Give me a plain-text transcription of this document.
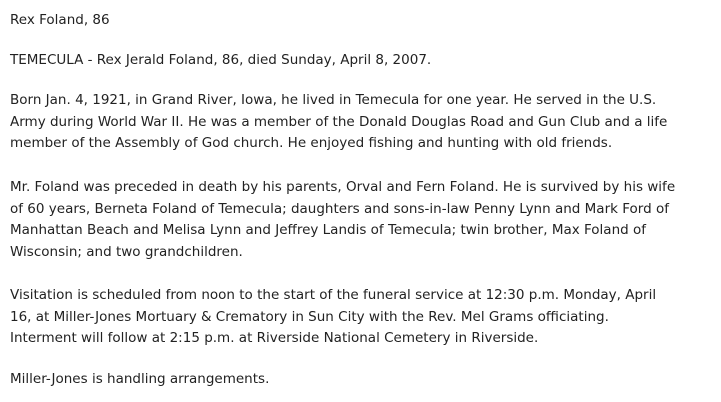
Rex Foland, 86

TEMECULA - Rex Jerald Foland, 86, died Sunday, April 8, 2007.

Born Jan. 4, 1921, in Grand River, Iowa, he lived in Temecula for one year. He served in the U.S.
Army during World War II. He was a member of the Donald Douglas Road and Gun Club and a life
member of the Assembly of God church. He enjoyed fishing and hunting with old friends.

Mr. Foland was preceded in death by his parents, Orval and Fern Foland. He is survived by his wife
of 60 years, Berneta Foland of Temecula; daughters and sons-in-law Penny Lynn and Mark Ford of
Manhattan Beach and Melisa Lynn and Jeffrey Landis of Temecula; twin brother, Max Foland of
Wisconsin; and two grandchildren.

Visitation is scheduled from noon to the start of the funeral service at 12:30 p.m. Monday, April
16, at Miller-Jones Mortuary & Crematory in Sun City with the Rev. Mel Grams officiating.
Interment will follow at 2:15 p.m. at Riverside National Cemetery in Riverside.

Miller-Jones is handling arrangements.
